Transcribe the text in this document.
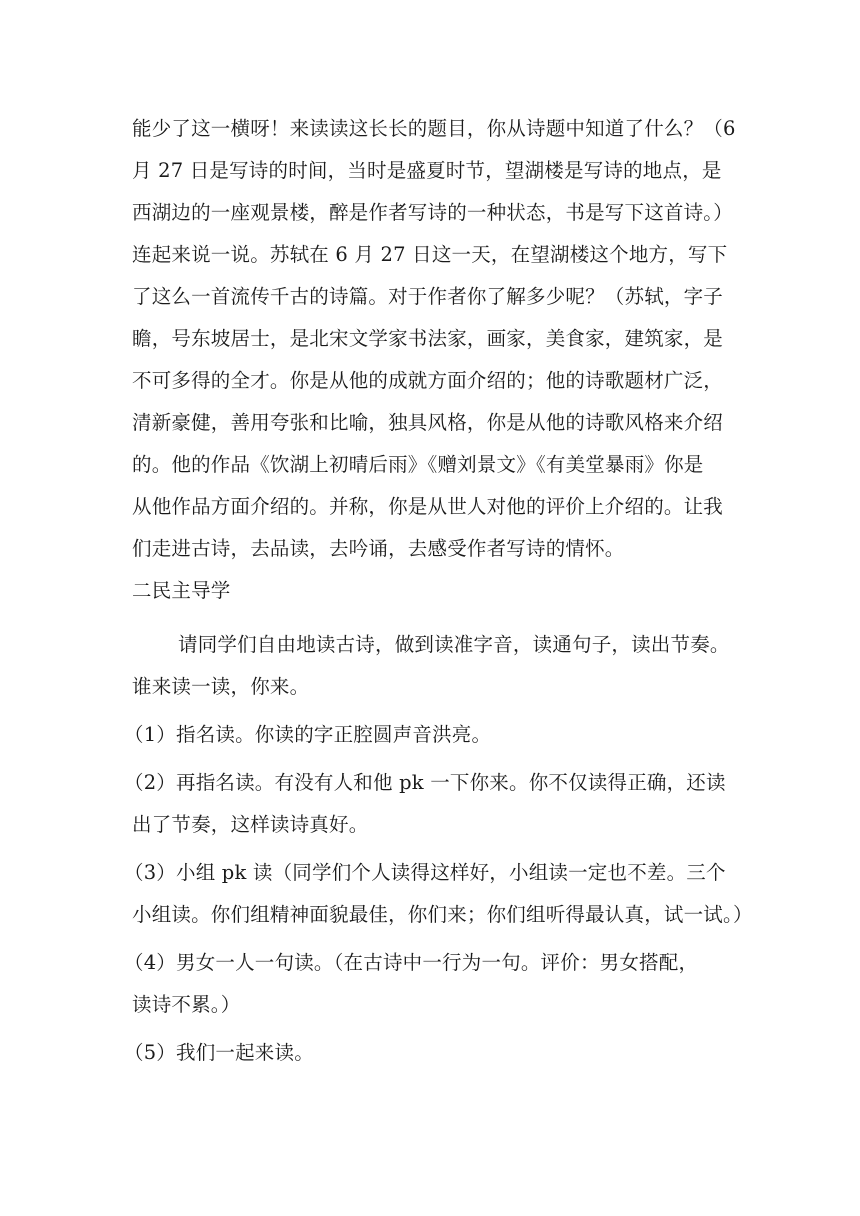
能少了这一横呀！来读读这长长的题目，你从诗题中知道了什么？（6
月 27 日是写诗的时间，当时是盛夏时节，望湖楼是写诗的地点，是
西湖边的一座观景楼，醉是作者写诗的一种状态，书是写下这首诗。）
连起来说一说。苏轼在 6 月 27 日这一天，在望湖楼这个地方，写下
了这么一首流传千古的诗篇。对于作者你了解多少呢？（苏轼，字子
瞻，号东坡居士，是北宋文学家书法家，画家，美食家，建筑家，是
不可多得的全才。你是从他的成就方面介绍的；他的诗歌题材广泛，
清新豪健，善用夸张和比喻，独具风格，你是从他的诗歌风格来介绍
的。他的作品《饮湖上初晴后雨》《赠刘景文》《有美堂暴雨》你是
从他作品方面介绍的。并称，你是从世人对他的评价上介绍的。让我
们走进古诗，去品读，去吟诵，去感受作者写诗的情怀。
二民主导学
请同学们自由地读古诗，做到读准字音，读通句子，读出节奏。
谁来读一读，你来。
（1）指名读。你读的字正腔圆声音洪亮。
（2）再指名读。有没有人和他 pk 一下你来。你不仅读得正确，还读
出了节奏，这样读诗真好。
（3）小组 pk 读（同学们个人读得这样好，小组读一定也不差。三个
小组读。你们组精神面貌最佳，你们来；你们组听得最认真，试一试。）
（4）男女一人一句读。（在古诗中一行为一句。评价：男女搭配，
读诗不累。）
（5）我们一起来读。
